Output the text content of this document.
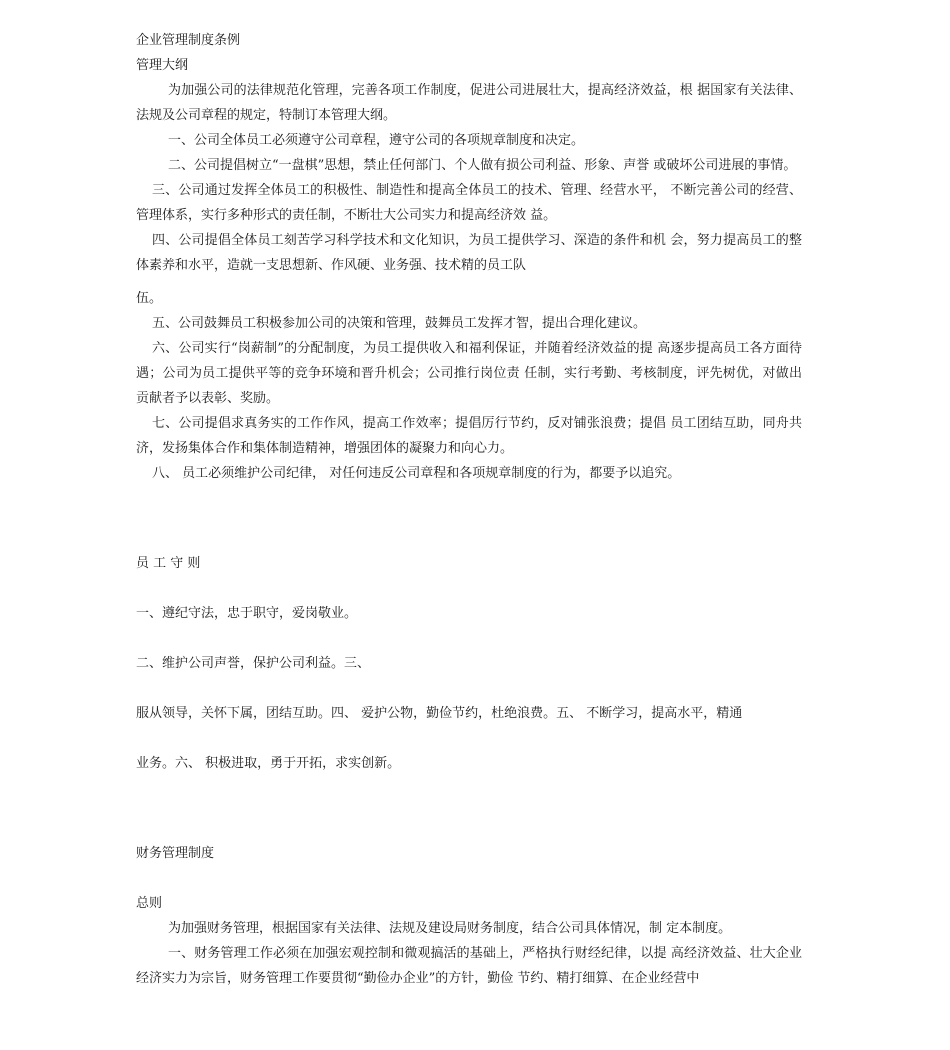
企业管理制度条例

管理大纲

为加强公司的法律规范化管理，完善各项工作制度，促进公司进展壮大，提高经济效益，根 据国家有关法律、法规及公司章程的规定，特制订本管理大纲。

一、公司全体员工必须遵守公司章程，遵守公司的各项规章制度和决定。

二、公司提倡树立“一盘棋”思想，禁止任何部门、个人做有损公司利益、形象、声誉 或破坏公司进展的事情。

三、公司通过发挥全体员工的积极性、制造性和提高全体员工的技术、管理、经营水平， 不断完善公司的经营、管理体系，实行多种形式的责任制，不断壮大公司实力和提高经济效 益。

四、公司提倡全体员工刻苦学习科学技术和文化知识，为员工提供学习、深造的条件和机 会，努力提高员工的整体素养和水平，造就一支思想新、作风硬、业务强、技术精的员工队

伍。

五、公司鼓舞员工积极参加公司的决策和管理，鼓舞员工发挥才智，提出合理化建议。

六、公司实行“岗薪制”的分配制度，为员工提供收入和福利保证，并随着经济效益的提 高逐步提高员工各方面待遇；公司为员工提供平等的竞争环境和晋升机会；公司推行岗位责 任制，实行考勤、考核制度，评先树优，对做出贡献者予以表彰、奖励。

七、公司提倡求真务实的工作作风，提高工作效率；提倡厉行节约，反对铺张浪费；提倡 员工团结互助，同舟共济，发扬集体合作和集体制造精神，增强团体的凝聚力和向心力。

八、 员工必须维护公司纪律， 对任何违反公司章程和各项规章制度的行为，都要予以追究。

员 工 守 则

一、遵纪守法，忠于职守，爱岗敬业。

二、维护公司声誉，保护公司利益。三、

服从领导，关怀下属，团结互助。四、 爱护公物，勤俭节约，杜绝浪费。五、 不断学习，提高水平，精通

业务。六、 积极进取，勇于开拓，求实创新。

财务管理制度

总则

为加强财务管理，根据国家有关法律、法规及建设局财务制度，结合公司具体情况，制 定本制度。

一、财务管理工作必须在加强宏观控制和微观搞活的基础上，严格执行财经纪律，以提 高经济效益、壮大企业经济实力为宗旨，财务管理工作要贯彻“勤俭办企业”的方针，勤俭 节约、精打细算、在企业经营中
